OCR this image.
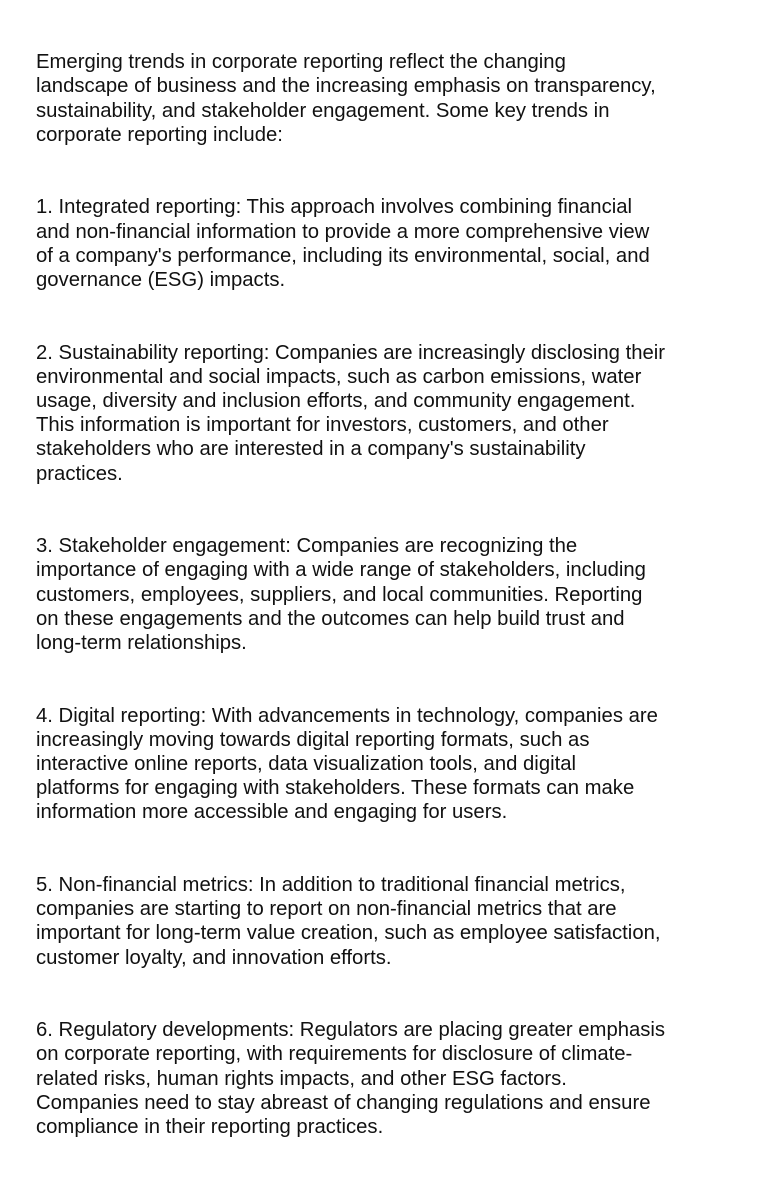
Emerging trends in corporate reporting reflect the changing
landscape of business and the increasing emphasis on transparency,
sustainability, and stakeholder engagement. Some key trends in
corporate reporting include:

1. Integrated reporting: This approach involves combining financial
and non-financial information to provide a more comprehensive view
of a company's performance, including its environmental, social, and
governance (ESG) impacts.

2. Sustainability reporting: Companies are increasingly disclosing their
environmental and social impacts, such as carbon emissions, water
usage, diversity and inclusion efforts, and community engagement.
This information is important for investors, customers, and other
stakeholders who are interested in a company's sustainability
practices.

3. Stakeholder engagement: Companies are recognizing the
importance of engaging with a wide range of stakeholders, including
customers, employees, suppliers, and local communities. Reporting
on these engagements and the outcomes can help build trust and
long-term relationships.

4. Digital reporting: With advancements in technology, companies are
increasingly moving towards digital reporting formats, such as
interactive online reports, data visualization tools, and digital
platforms for engaging with stakeholders. These formats can make
information more accessible and engaging for users.

5. Non-financial metrics: In addition to traditional financial metrics,
companies are starting to report on non-financial metrics that are
important for long-term value creation, such as employee satisfaction,
customer loyalty, and innovation efforts.

6. Regulatory developments: Regulators are placing greater emphasis
on corporate reporting, with requirements for disclosure of climate-
related risks, human rights impacts, and other ESG factors.
Companies need to stay abreast of changing regulations and ensure
compliance in their reporting practices.
